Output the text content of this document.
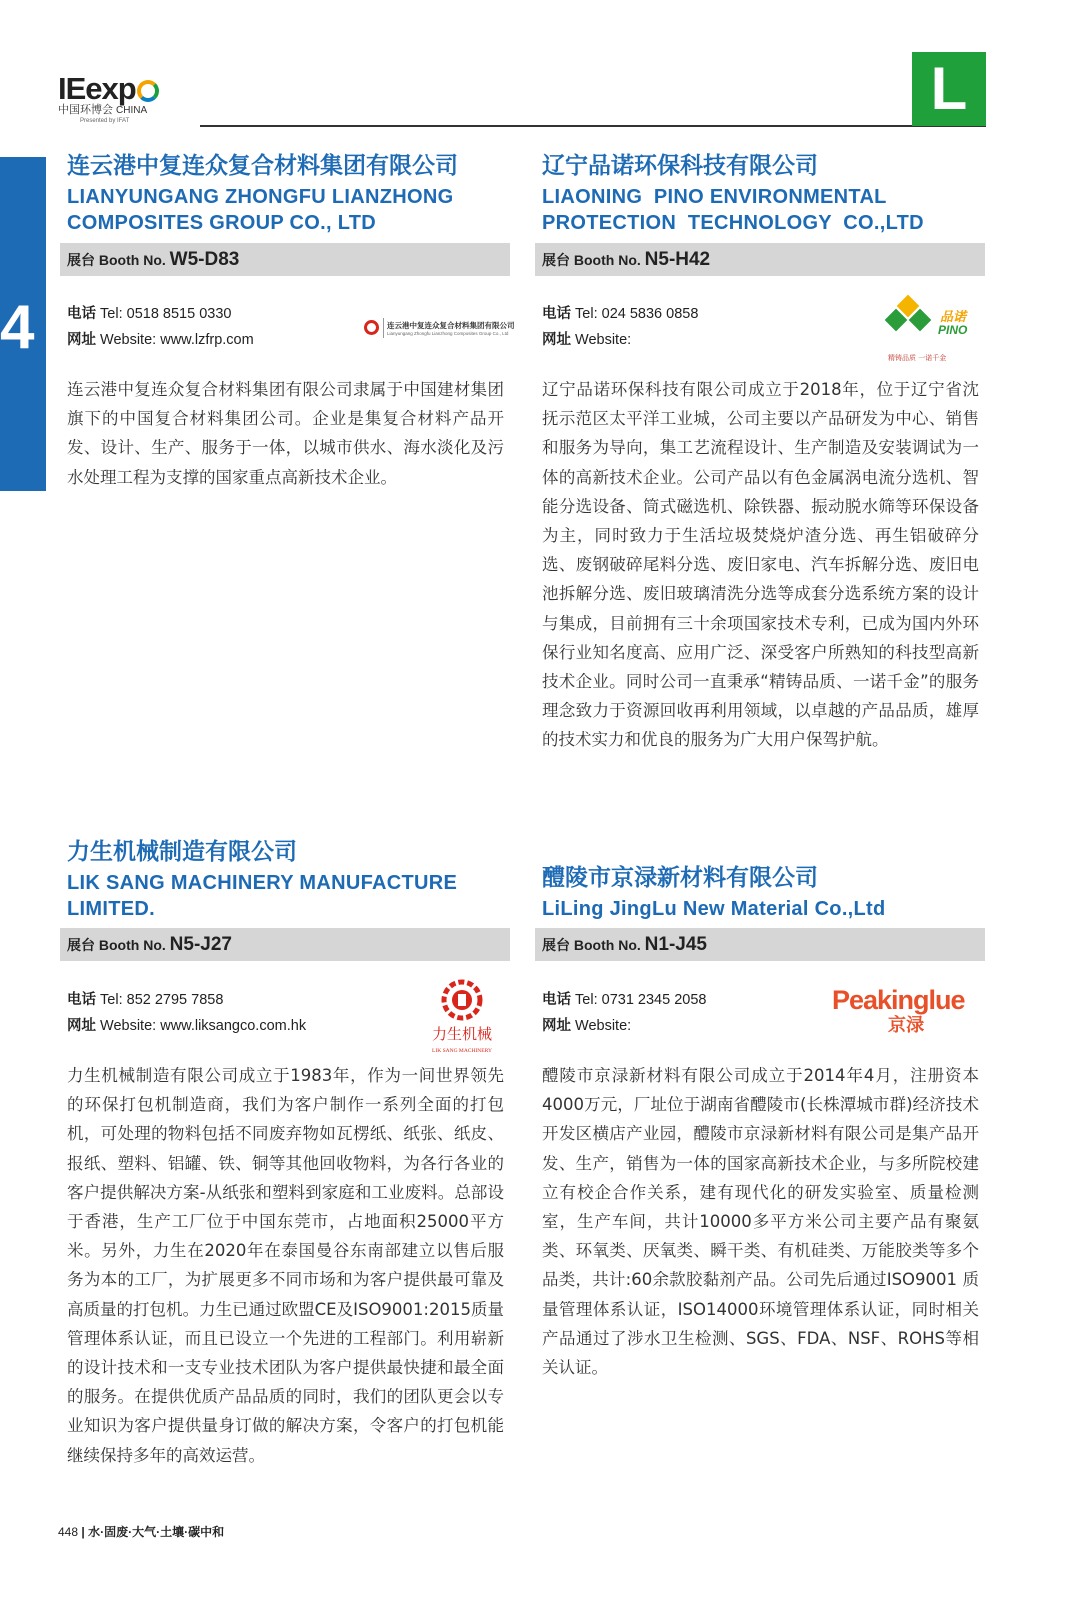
IEexp
中国环博会 CHINA
Presented by IFAT	L
4
连云港中复连众复合材料集团有限公司
LIANYUNGANG ZHONGFU LIANZHONG
COMPOSITES GROUP CO., LTD
展台 Booth No. W5-D83
电话 Tel: 0518 8515 0330
网址 Website: www.lzfrp.com
连云港中复连众复合材料集团有限公司
Lianyungang Zhongfu Lianzhong Composites Group Co., Ltd
连云港中复连众复合材料集团有限公司隶属于中国建材集团旗下的中国复合材料集团公司。企业是集复合材料产品开发、设计、生产、服务于一体，以城市供水、海水淡化及污水处理工程为支撑的国家重点高新技术企业。
辽宁品诺环保科技有限公司
LIAONING  PINO ENVIRONMENTAL
PROTECTION  TECHNOLOGY  CO.,LTD
展台 Booth No. N5-H42
电话 Tel: 024 5836 0858
网址 Website:
品诺
PINO
精铸品质 一诺千金
辽宁品诺环保科技有限公司成立于2018年，位于辽宁省沈抚示范区太平洋工业城，公司主要以产品研发为中心、销售和服务为导向，集工艺流程设计、生产制造及安装调试为一体的高新技术企业。公司产品以有色金属涡电流分选机、智能分选设备、筒式磁选机、除铁器、振动脱水筛等环保设备为主，同时致力于生活垃圾焚烧炉渣分选、再生铝破碎分选、废钢破碎尾料分选、废旧家电、汽车拆解分选、废旧电池拆解分选、废旧玻璃清洗分选等成套分选系统方案的设计与集成，目前拥有三十余项国家技术专利，已成为国内外环保行业知名度高、应用广泛、深受客户所熟知的科技型高新技术企业。同时公司一直秉承“精铸品质、一诺千金”的服务理念致力于资源回收再利用领域，以卓越的产品品质，雄厚的技术实力和优良的服务为广大用户保驾护航。
力生机械制造有限公司
LIK SANG MACHINERY MANUFACTURE
LIMITED.
展台 Booth No. N5-J27
电话 Tel: 852 2795 7858
网址 Website: www.liksangco.com.hk	力生机械
LIK SANG MACHINERY
力生机械制造有限公司成立于1983年，作为一间世界领先的环保打包机制造商，我们为客户制作一系列全面的打包机，可处理的物料包括不同废弃物如瓦楞纸、纸张、纸皮、报纸、塑料、铝罐、铁、铜等其他回收物料，为各行各业的客户提供解决方案-从纸张和塑料到家庭和工业废料。总部设于香港，生产工厂位于中国东莞市，占地面积25000平方米。另外，力生在2020年在泰国曼谷东南部建立以售后服务为本的工厂，为扩展更多不同市场和为客户提供最可靠及高质量的打包机。力生已通过欧盟CE及ISO9001:2015质量管理体系认证，而且已设立一个先进的工程部门。利用崭新的设计技术和一支专业技术团队为客户提供最快捷和最全面的服务。在提供优质产品品质的同时，我们的团队更会以专业知识为客户提供量身订做的解决方案，令客户的打包机能继续保持多年的高效运营。
醴陵市京渌新材料有限公司
LiLing JingLu New Material Co.,Ltd
展台 Booth No. N1-J45
电话 Tel: 0731 2345 2058
网址 Website:
Peakinglue
京渌
醴陵市京渌新材料有限公司成立于2014年4月，注册资本4000万元，厂址位于湖南省醴陵市(长株潭城市群)经济技术开发区横店产业园，醴陵市京渌新材料有限公司是集产品开发、生产，销售为一体的国家高新技术企业，与多所院校建立有校企合作关系，建有现代化的研发实验室、质量检测室，生产车间，共计10000多平方米公司主要产品有聚氨类、环氧类、厌氧类、瞬干类、有机硅类、万能胶类等多个品类，共计:60余款胶黏剂产品。公司先后通过ISO9001 质量管理体系认证，ISO14000环境管理体系认证，同时相关产品通过了涉水卫生检测、SGS、FDA、NSF、ROHS等相关认证。
448 | 水·固废·大气·土壤·碳中和
